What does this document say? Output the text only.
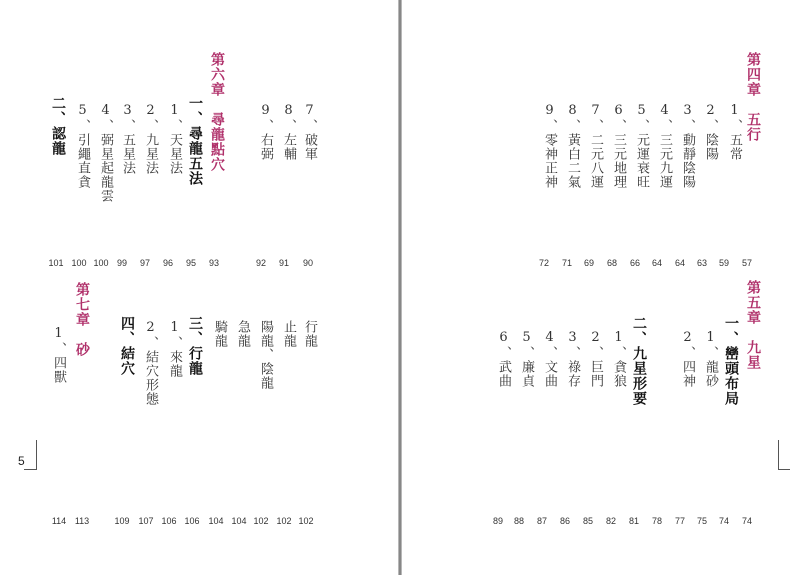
第六章　尋龍點穴	7、破軍
8、左輔
9、右弼
一、尋龍五法
1、天星法
2、九星法
3、五星法
4、弼星起龍雲
5、引繩直貪
二、認龍
90
91
92
93
95
96
97
99
100
100
101
行龍
止龍
陽龍、陰龍
急龍
騎龍
三、行龍
1、來龍
2、結穴形態
四、結穴
第七章　砂
1、四獸
102
102
102
104
104
106
106
107
109
113
114
5
第四章　五行
1、五常
2、陰陽
3、動靜陰陽
4、三元九運
5、元運衰旺
6、三元地理
7、二元八運
8、黃白二氣
9、零神正神
57
59
63
64
64
66
68
69
71
72
第五章　九星
一、巒頭布局
1、龍砂
2、四神
二、九星形要
1、貪狼
2、巨門
3、祿存
4、文曲
5、廉貞
6、武曲
74
74
75
77
78
81
82
85
86
87
88
89
